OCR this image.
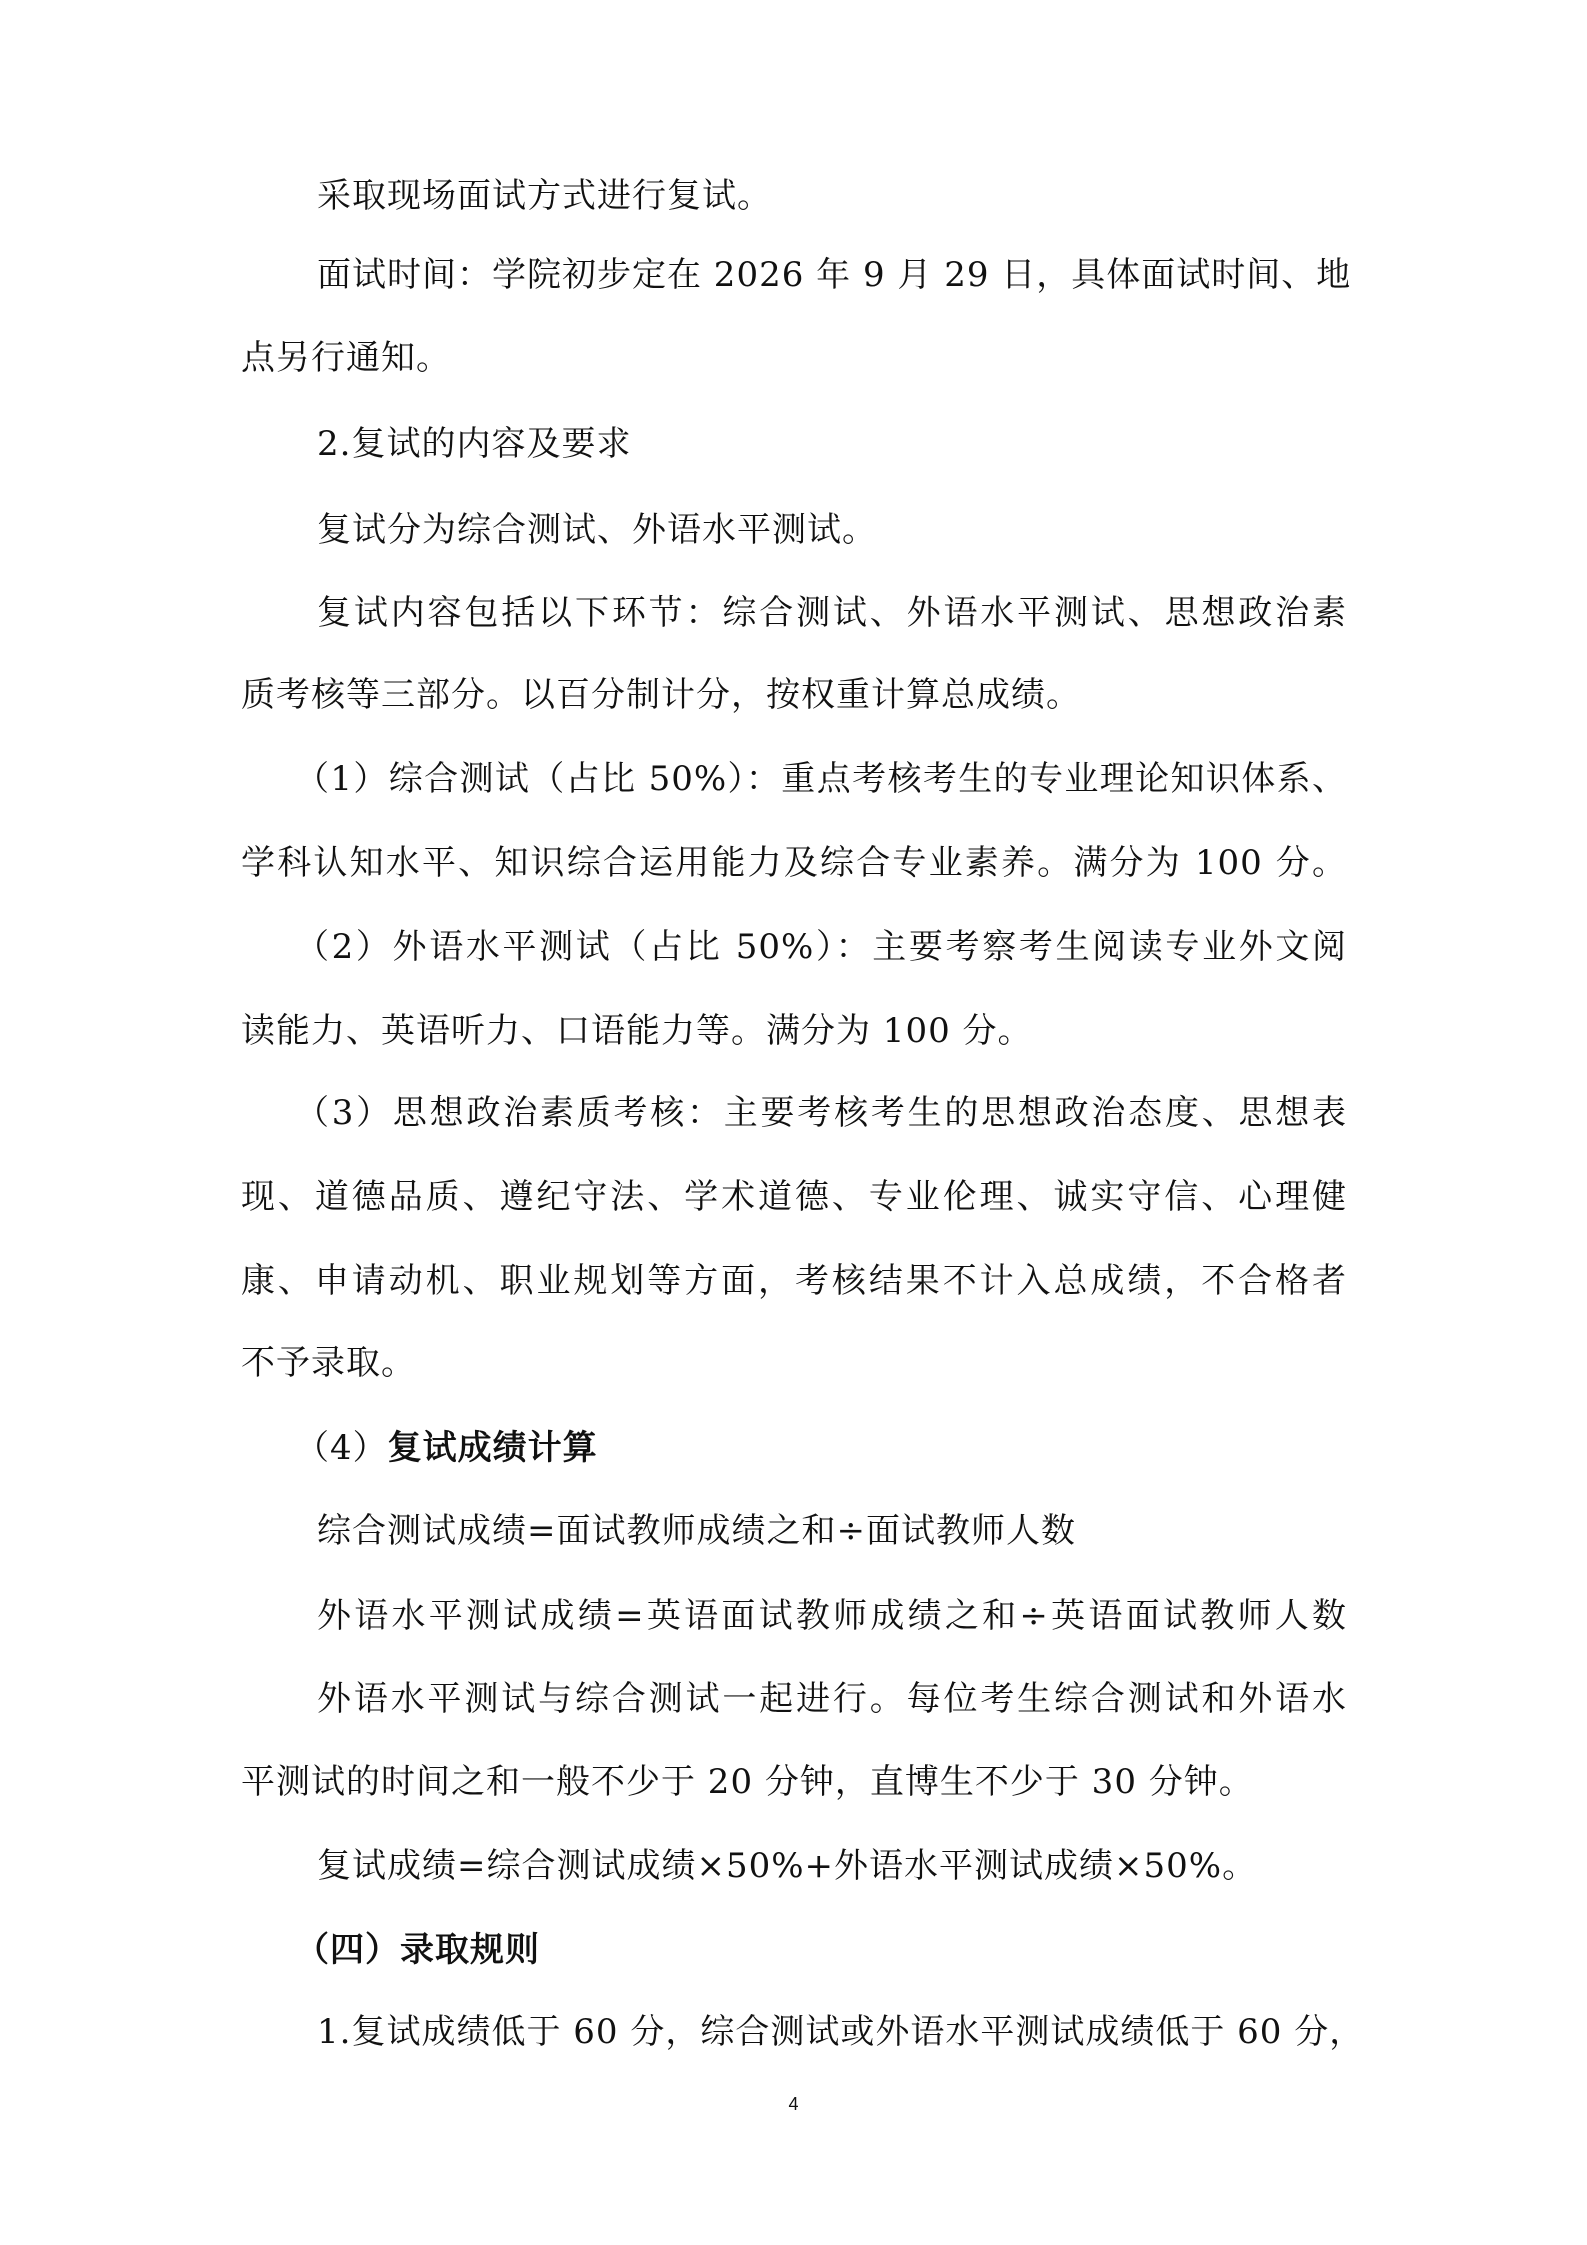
采取现场面试方式进行复试。
面试时间：学院初步定在 2026 年 9 月 29 日，具体面试时间、地
点另行通知。
2.复试的内容及要求
复试分为综合测试、外语水平测试。
复试内容包括以下环节：综合测试、外语水平测试、思想政治素
质考核等三部分。以百分制计分，按权重计算总成绩。
（1）综合测试（占比 50%）：重点考核考生的专业理论知识体系、
学科认知水平、知识综合运用能力及综合专业素养。满分为 100 分。
（2）外语水平测试（占比 50%）：主要考察考生阅读专业外文阅
读能力、英语听力、口语能力等。满分为 100 分。
（3）思想政治素质考核：主要考核考生的思想政治态度、思想表
现、道德品质、遵纪守法、学术道德、专业伦理、诚实守信、心理健
康、申请动机、职业规划等方面，考核结果不计入总成绩，不合格者
不予录取。
（4）复试成绩计算
综合测试成绩=面试教师成绩之和÷面试教师人数
外语水平测试成绩=英语面试教师成绩之和÷英语面试教师人数
外语水平测试与综合测试一起进行。每位考生综合测试和外语水
平测试的时间之和一般不少于 20 分钟，直博生不少于 30 分钟。
复试成绩=综合测试成绩×50%+外语水平测试成绩×50%。
（四）录取规则
1.复试成绩低于 60 分，综合测试或外语水平测试成绩低于 60 分，
4
